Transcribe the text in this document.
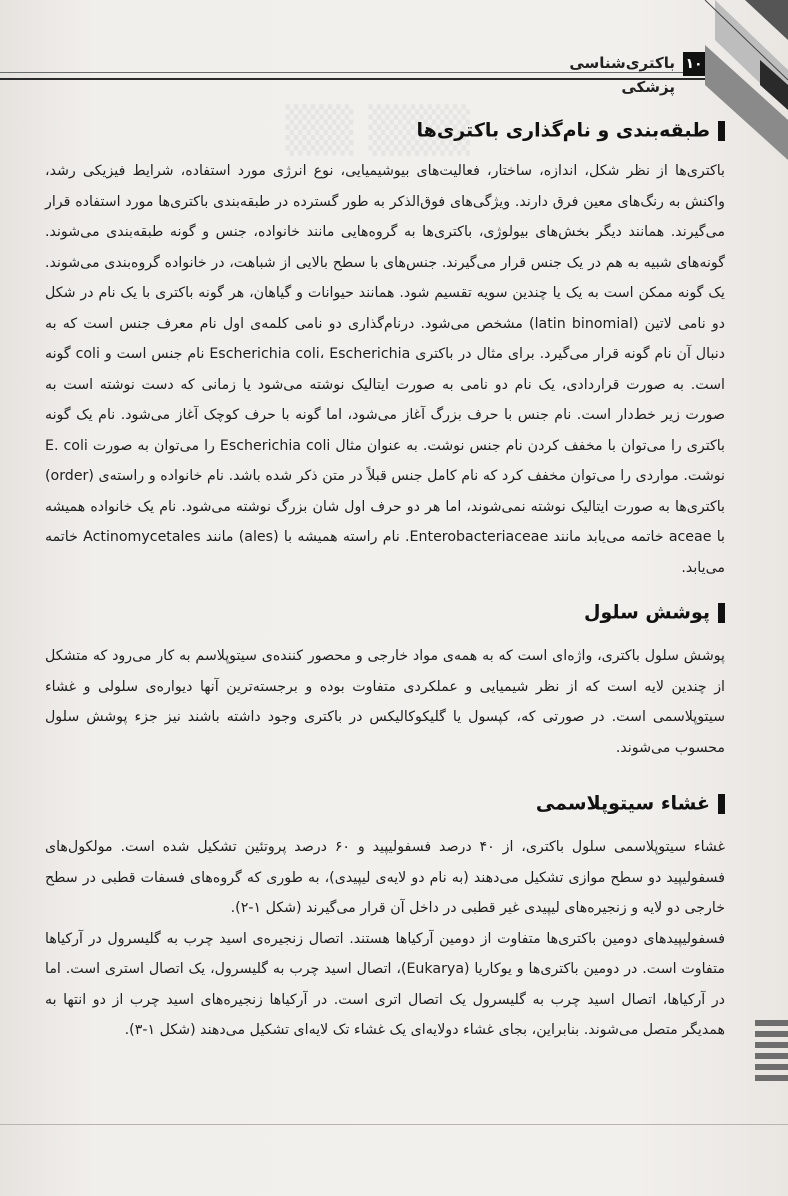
▒▒▒ ▒▒
باکتری‌شناسی پزشکی
۱۰
طبقه‌بندی و نام‌گذاری باکتری‌ها

باکتری‌ها از نظر شکل، اندازه، ساختار، فعالیت‌های بیوشیمیایی، نوع انرژی مورد استفاده، شرایط فیزیکی رشد، واکنش به رنگ‌های معین فرق دارند. ویژگی‌های فوق‌الذکر به طور گسترده در طبقه‌بندی باکتری‌ها مورد استفاده قرار می‌گیرند. همانند دیگر بخش‌های بیولوژی، باکتری‌ها به گروه‌هایی مانند خانواده، جنس و گونه طبقه‌بندی می‌شوند. گونه‌های شبیه به هم در یک جنس قرار می‌گیرند. جنس‌های با سطح بالایی از شباهت، در خانواده گروه‌بندی می‌شوند. یک گونه ممکن است به یک یا چندین سویه تقسیم شود. همانند حیوانات و گیاهان، هر گونه باکتری با یک نام در شکل دو نامی لاتین (latin binomial) مشخص می‌شود. درنام‌گذاری دو نامی کلمه‌ی اول نام معرف جنس است که به دنبال آن نام گونه قرار می‌گیرد. برای مثال در باکتری Escherichia coli، Escherichia نام جنس است و coli گونه است. به صورت قراردادی، یک نام دو نامی به صورت ایتالیک نوشته می‌شود یا زمانی که دست نوشته است به صورت زیر خط‌دار است. نام جنس با حرف بزرگ آغاز می‌شود، اما گونه با حرف کوچک آغاز می‌شود. نام یک گونه باکتری را می‌توان با مخفف کردن نام جنس نوشت. به عنوان مثال Escherichia coli را می‌توان به صورت E. coli نوشت. مواردی را می‌توان مخفف کرد که نام کامل جنس قبلاً در متن ذکر شده باشد. نام خانواده و راسته‌ی (order) باکتری‌ها به صورت ایتالیک نوشته نمی‌شوند، اما هر دو حرف اول شان بزرگ نوشته می‌شود. نام یک خانواده همیشه با aceae خاتمه می‌یابد مانند Enterobacteriaceae. نام راسته همیشه با (ales) مانند Actinomycetales خاتمه می‌یابد.

پوشش سلول

پوشش سلول باکتری، واژه‌ای است که به همه‌ی مواد خارجی و محصور کننده‌ی سیتوپلاسم به کار می‌رود که متشکل از چندین لایه است که از نظر شیمیایی و عملکردی متفاوت بوده و برجسته‌ترین آنها دیواره‌ی سلولی و غشاء سیتوپلاسمی است. در صورتی که، کپسول یا گلیکوکالیکس در باکتری وجود داشته باشند نیز جزء پوشش سلول محسوب می‌شوند.

غشاء سیتوپلاسمی

غشاء سیتوپلاسمی سلول باکتری، از ۴۰ درصد فسفولیپید و ۶۰ درصد پروتئین تشکیل شده است. مولکول‌های فسفولیپید دو سطح موازی تشکیل می‌دهند (به نام دو لایه‌ی لیپیدی)، به طوری که گروه‌های فسفات قطبی در سطح خارجی دو لایه و زنجیره‌های لیپیدی غیر قطبی در داخل آن قرار می‌گیرند (شکل ۱-۲).

فسفولیپیدهای دومین باکتری‌ها متفاوت از دومین آرکیاها هستند. اتصال زنجیره‌ی اسید چرب به گلیسرول در آرکیاها متفاوت است. در دومین باکتری‌ها و یوکاریا (Eukarya)، اتصال اسید چرب به گلیسرول، یک اتصال استری است. اما در آرکیاها، اتصال اسید چرب به گلیسرول یک اتصال اتری است. در آرکیاها زنجیره‌های اسید چرب از دو انتها به همدیگر متصل می‌شوند. بنابراین، بجای غشاء دولایه‌ای یک غشاء تک لایه‌ای تشکیل می‌دهند (شکل ۱-۳).
